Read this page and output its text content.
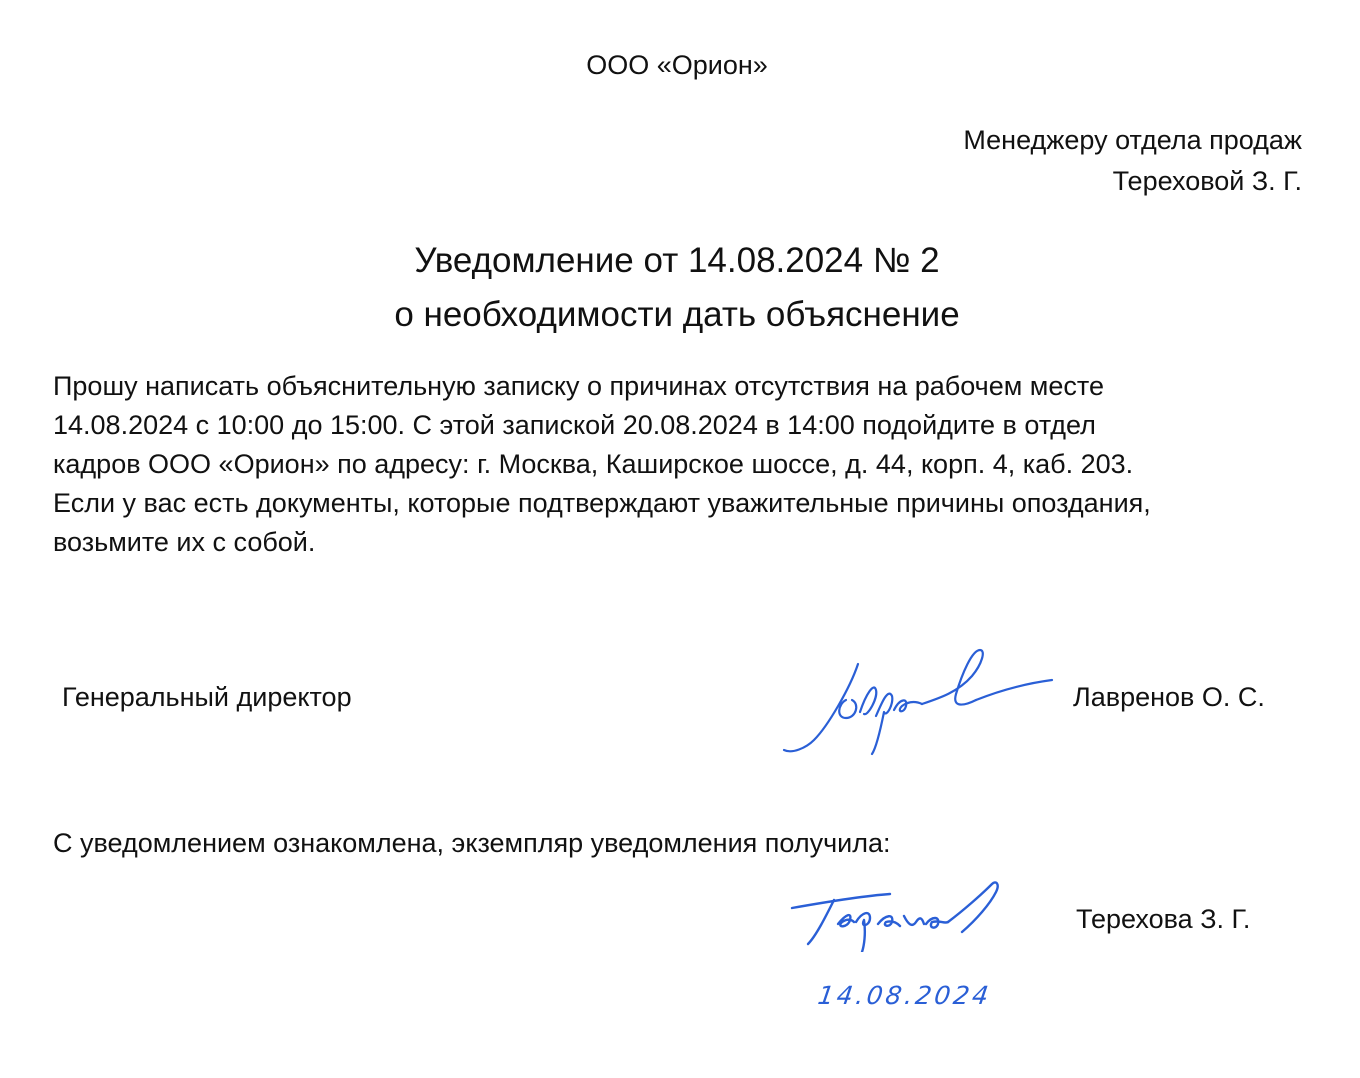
ООО «Орион»
Менеджеру отдела продаж
Тереховой З. Г.
Уведомление от 14.08.2024 № 2
о необходимости дать объяснение
Прошу написать объяснительную записку о причинах отсутствия на рабочем месте
14.08.2024 с 10:00 до 15:00. С этой запиской 20.08.2024 в 14:00 подойдите в отдел
кадров ООО «Орион» по адресу: г. Москва, Каширское шоссе, д. 44, корп. 4, каб. 203.
Если у вас есть документы, которые подтверждают уважительные причины опоздания,
возьмите их с собой.
Генеральный директор	Лавренов О. С.
С уведомлением ознакомлена, экземпляр уведомления получила:
14.08.2024
Терехова З. Г.
